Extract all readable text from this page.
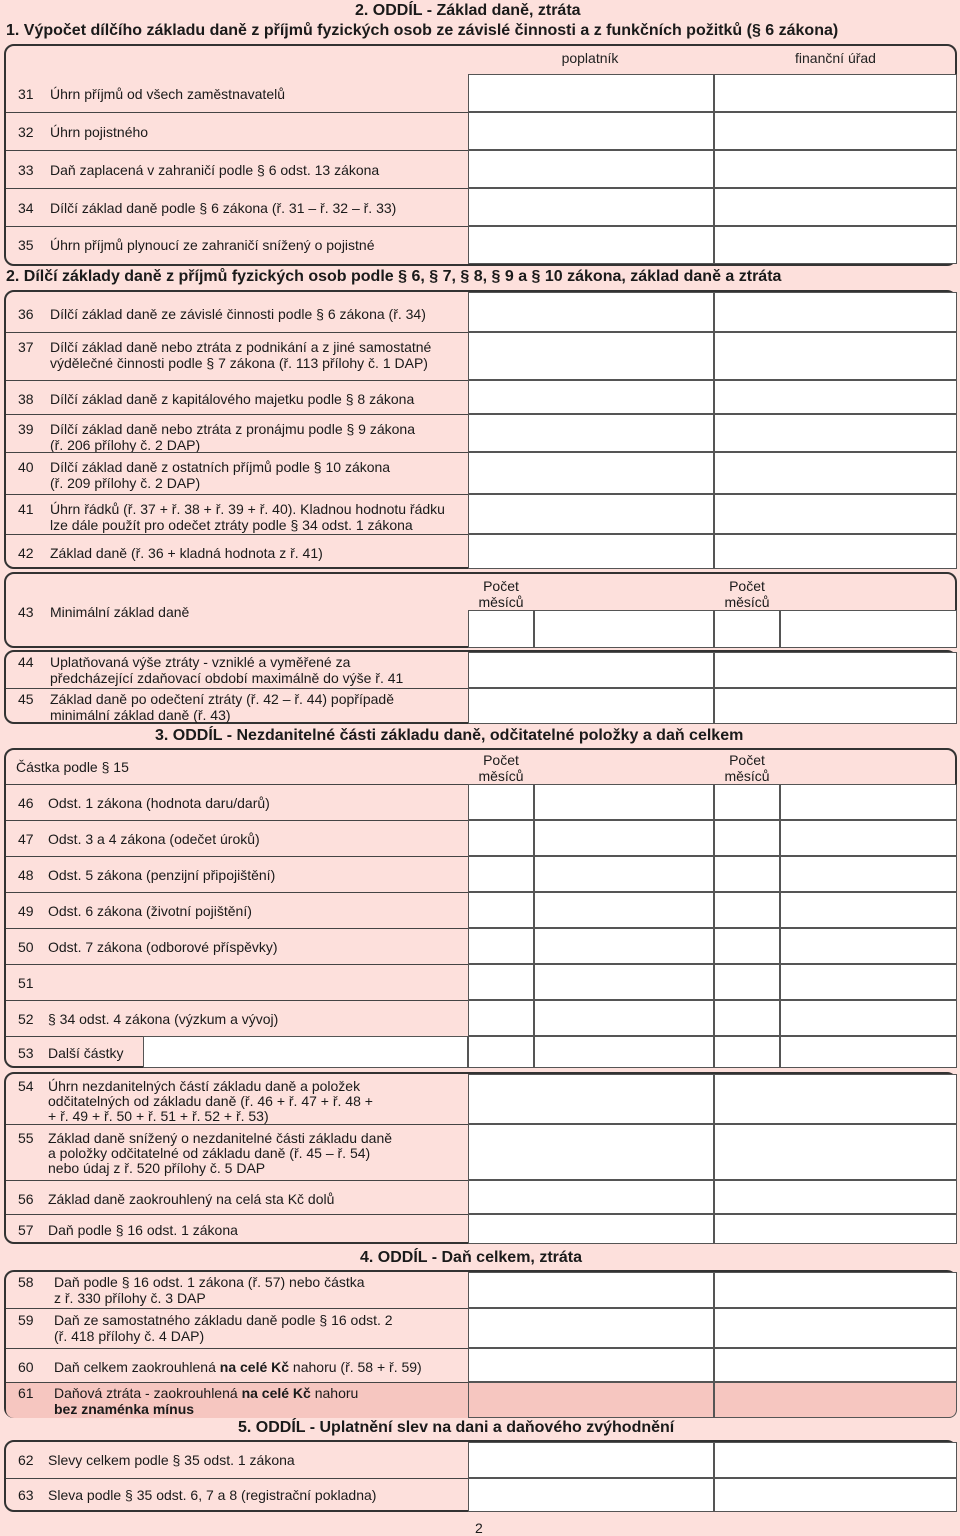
2. ODDÍL - Základ daně, ztráta
1. Výpočet dílčího základu daně z příjmů fyzických osob ze závislé činnosti a z funkčních požitků (§ 6 zákona)
poplatník	finanční úřad
31 Úhrn příjmů od všech zaměstnavatelů
32 Úhrn pojistného
33 Daň zaplacená v zahraničí podle § 6 odst. 13 zákona
34 Dílčí základ daně podle § 6 zákona (ř. 31 – ř. 32 – ř. 33)
35 Úhrn příjmů plynoucí ze zahraničí snížený o pojistné
2. Dílčí základy daně z příjmů fyzických osob podle § 6, § 7, § 8, § 9 a § 10 zákona, základ daně a ztráta
36 Dílčí základ daně ze závislé činnosti podle § 6 zákona (ř. 34)
37 Dílčí základ daně nebo ztráta z podnikání a z jiné samostatné
výdělečné činnosti podle § 7 zákona (ř. 113 přílohy č. 1 DAP)
38 Dílčí základ daně z kapitálového majetku podle § 8 zákona
39 Dílčí základ daně nebo ztráta z pronájmu podle § 9 zákona
(ř. 206 přílohy č. 2 DAP)
40 Dílčí základ daně z ostatních příjmů podle § 10 zákona
(ř. 209 přílohy č. 2 DAP)
41 Úhrn řádků (ř. 37 + ř. 38 + ř. 39 + ř. 40). Kladnou hodnotu řádku
lze dále použít pro odečet ztráty podle § 34 odst. 1 zákona
42 Základ daně (ř. 36 + kladná hodnota z ř. 41)
43 Minimální základ daně
Počet
měsíců
Počet
měsíců
44 Uplatňovaná výše ztráty - vzniklé a vyměřené za
předcházející zdaňovací období maximálně do výše ř. 41
45 Základ daně po odečtení ztráty (ř. 42 – ř. 44) popřípadě
minimální základ daně (ř. 43)
3. ODDÍL - Nezdanitelné části základu daně, odčitatelné položky a daň celkem
Částka podle § 15	Počet
měsíců
Počet
měsíců
46 Odst. 1 zákona (hodnota daru/darů)
47 Odst. 3 a 4 zákona (odečet úroků)
48 Odst. 5 zákona (penzijní připojištění)
49 Odst. 6 zákona (životní pojištění)
50 Odst. 7 zákona (odborové příspěvky)
51
52 § 34 odst. 4 zákona (výzkum a vývoj)
53 Další částky
54 Úhrn nezdanitelných částí základu daně a položek
odčitatelných od základu daně (ř. 46 + ř. 47 + ř. 48 +
+ ř. 49 + ř. 50 + ř. 51 + ř. 52 + ř. 53)
55 Základ daně snížený o nezdanitelné části základu daně
a položky odčitatelné od základu daně (ř. 45 – ř. 54)
nebo údaj z ř. 520 přílohy č. 5 DAP
56 Základ daně zaokrouhlený na celá sta Kč dolů
57 Daň podle § 16 odst. 1 zákona
4. ODDÍL - Daň celkem, ztráta
58 Daň podle § 16 odst. 1 zákona (ř. 57) nebo částka
z ř. 330 přílohy č. 3 DAP
59 Daň ze samostatného základu daně podle § 16 odst. 2
(ř. 418 přílohy č. 4 DAP)
60 Daň celkem zaokrouhlená na celé Kč nahoru (ř. 58 + ř. 59)
61 Daňová ztráta - zaokrouhlená na celé Kč nahoru
bez znaménka mínus
5. ODDÍL - Uplatnění slev na dani a daňového zvýhodnění
62 Slevy celkem podle § 35 odst. 1 zákona
63 Sleva podle § 35 odst. 6, 7 a 8 (registrační pokladna)
2
